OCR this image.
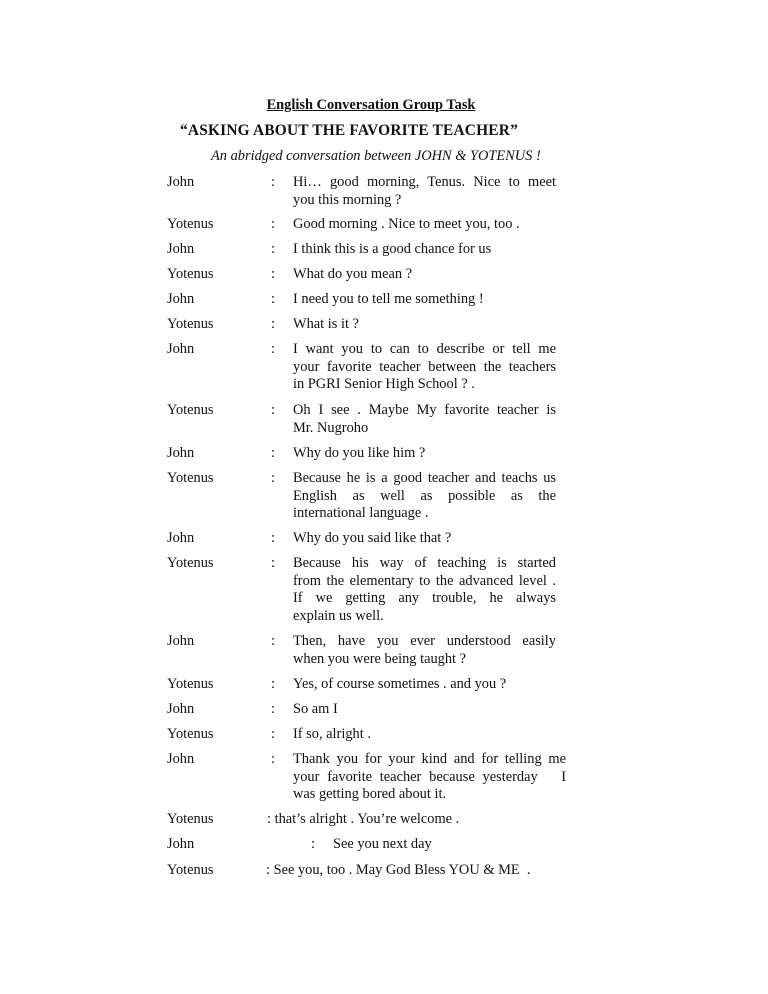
English Conversation Group Task
“ASKING ABOUT THE FAVORITE TEACHER”
An abridged conversation between JOHN & YOTENUS !
John	: Hi… good morning, Tenus. Nice to meet
you this morning ?
Yotenus	: Good morning . Nice to meet you, too .
John	: I think this is a good chance for us
Yotenus	: What do you mean ?
John	: I need you to tell me something !
Yotenus	: What is it ?
John	: I want you to can to describe or tell me
your favorite teacher between the teachers
in PGRI Senior High School ? .
Yotenus	: Oh I see . Maybe My favorite teacher is
Mr. Nugroho
John	: Why do you like him ?
Yotenus	: Because he is a good teacher and teachs us
English as well as possible as the
international language .
John	: Why do you said like that ?
Yotenus	: Because his way of teaching is started
from the elementary to the advanced level .
If we getting any trouble, he always
explain us well.
John	: Then, have you ever understood easily
when you were being taught ?
Yotenus	: Yes, of course sometimes . and you ?
John	: So am I
Yotenus	: If so, alright .
John	: Thank you for your kind and for telling me
your favorite teacher because yesterday   I
was getting bored about it.
Yotenus	: that’s alright . You’re welcome .
John	:     See you next day
Yotenus	: See you, too . May God Bless YOU & ME  .
